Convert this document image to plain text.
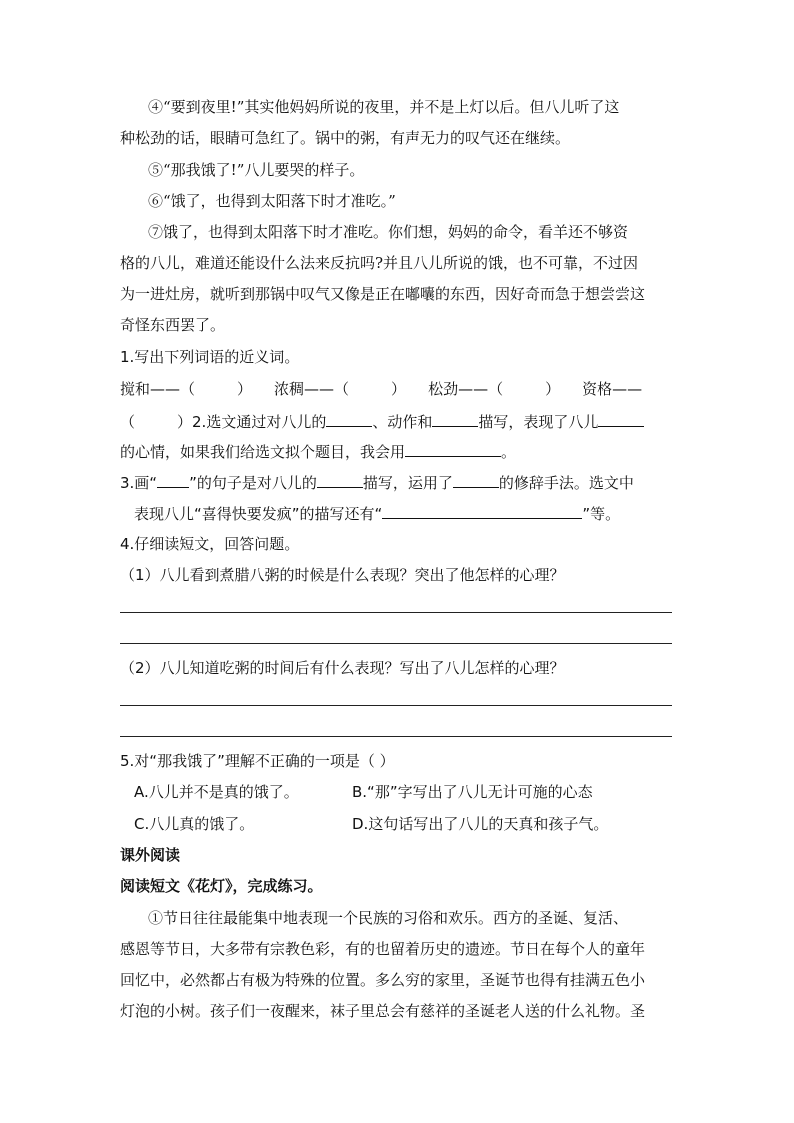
④“要到夜里!”其实他妈妈所说的夜里，并不是上灯以后。但八儿听了这
种松劲的话，眼睛可急红了。锅中的粥，有声无力的叹气还在继续。
⑤“那我饿了!”八儿要哭的样子。
⑥“饿了，也得到太阳落下时才准吃。”
⑦饿了，也得到太阳落下时才准吃。你们想，妈妈的命令，看羊还不够资
格的八儿，难道还能设什么法来反抗吗?并且八儿所说的饿，也不可靠，不过因
为一进灶房，就听到那锅中叹气又像是正在嘟囔的东西，因好奇而急于想尝尝这
奇怪东西罢了。
1.写出下列词语的近义词。
搅和——（	） 浓稠——（	） 松劲——（	） 资格——
（	）2.选文通过对八儿的	、动作和	描写，表现了八儿
的心情，如果我们给选文拟个题目，我会用	。
3.画“ ”的句子是对八儿的	描写，运用了	的修辞手法。选文中
表现八儿“喜得快要发疯”的描写还有“	”等。
4.仔细读短文，回答问题。
（1）八儿看到煮腊八粥的时候是什么表现？突出了他怎样的心理？
（2）八儿知道吃粥的时间后有什么表现？写出了八儿怎样的心理？
5.对“那我饿了”理解不正确的一项是（ ）
A.八儿并不是真的饿了。	B.“那”字写出了八儿无计可施的心态
C.八儿真的饿了。	D.这句话写出了八儿的天真和孩子气。
课外阅读
阅读短文《花灯》，完成练习。
①节日往往最能集中地表现一个民族的习俗和欢乐。西方的圣诞、复活、
感恩等节日，大多带有宗教色彩，有的也留着历史的遗迹。节日在每个人的童年
回忆中，必然都占有极为特殊的位置。多么穷的家里，圣诞节也得有挂满五色小
灯泡的小树。孩子们一夜醒来，袜子里总会有慈祥的圣诞老人送的什么礼物。圣
